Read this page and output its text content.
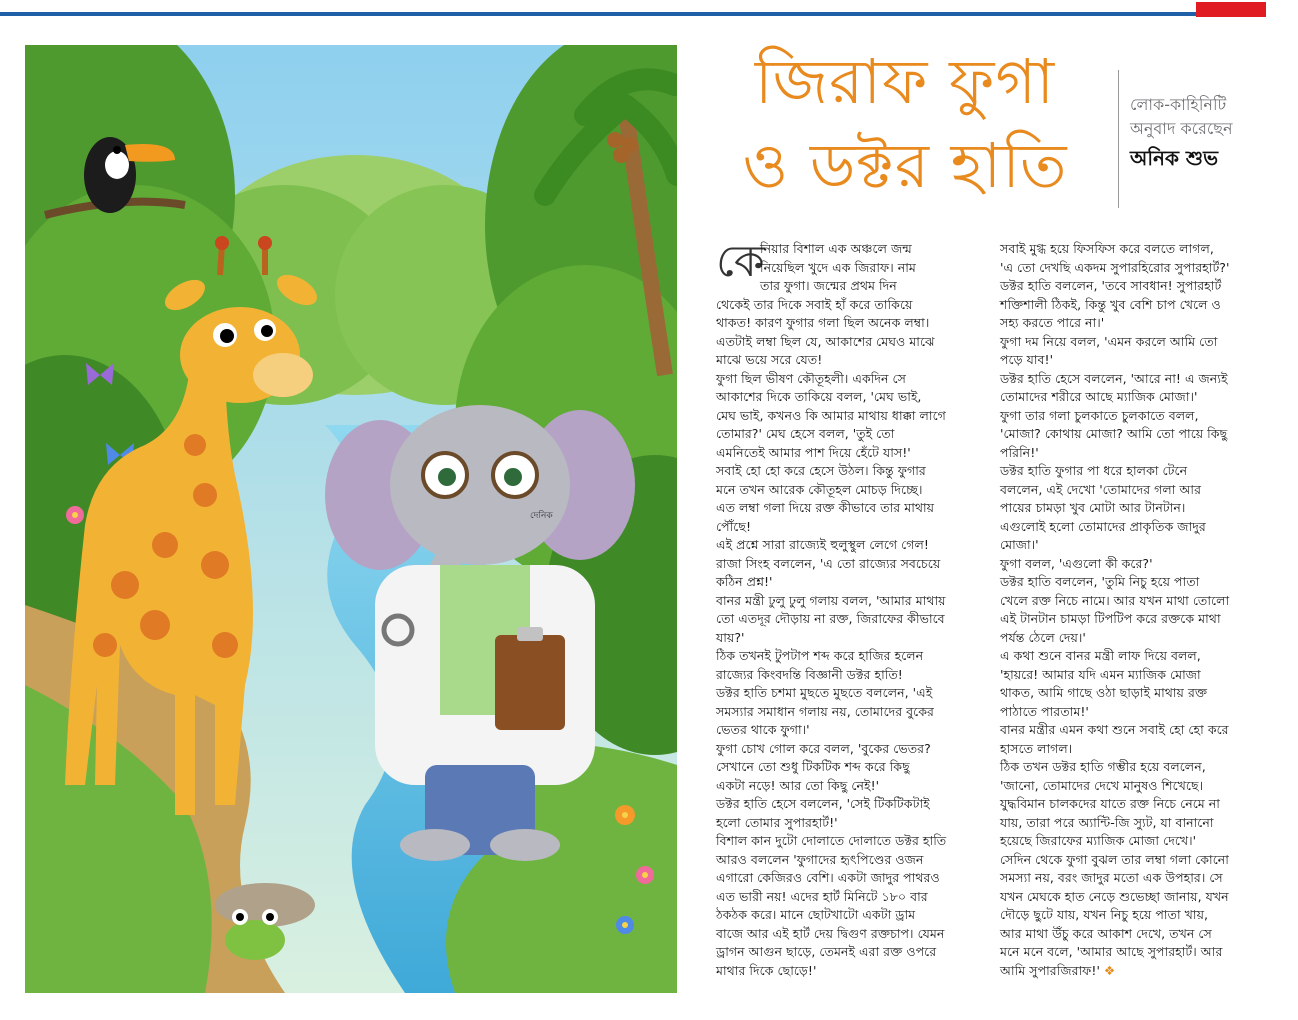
দেনিক
জিরাফ ফুগা
ও ডক্টর হাতি
লোক-কাহিনিটি
অনুবাদ করেছেন
অনিক শুভ
কে

নিয়ার বিশাল এক অঞ্চলে জন্ম

নিয়েছিল খুদে এক জিরাফ। নাম

তার ফুগা। জন্মের প্রথম দিন

থেকেই তার দিকে সবাই হাঁ করে তাকিয়ে

থাকত! কারণ ফুগার গলা ছিল অনেক লম্বা।

এতটাই লম্বা ছিল যে, আকাশের মেঘও মাঝে

মাঝে ভয়ে সরে যেত!

ফুগা ছিল ভীষণ কৌতূহলী। একদিন সে

আকাশের দিকে তাকিয়ে বলল, 'মেঘ ভাই,

মেঘ ভাই, কখনও কি আমার মাথায় ধাক্কা লাগে

তোমার?' মেঘ হেসে বলল, 'তুই তো

এমনিতেই আমার পাশ দিয়ে হেঁটে যাস!'

সবাই হো হো করে হেসে উঠল। কিন্তু ফুগার

মনে তখন আরেক কৌতূহল মোচড় দিচ্ছে।

এত লম্বা গলা দিয়ে রক্ত কীভাবে তার মাথায়

পৌঁছে!

এই প্রশ্নে সারা রাজ্যেই হুলুস্থুল লেগে গেল!

রাজা সিংহ বললেন, 'এ তো রাজ্যের সবচেয়ে

কঠিন প্রশ্ন!'

বানর মন্ত্রী ঢুলু ঢুলু গলায় বলল, 'আমার মাথায়

তো এতদূর দৌড়ায় না রক্ত, জিরাফের কীভাবে

যায়?'

ঠিক তখনই টুপটাপ শব্দ করে হাজির হলেন

রাজ্যের কিংবদন্তি বিজ্ঞানী ডক্টর হাতি!

ডক্টর হাতি চশমা মুছতে মুছতে বললেন, 'এই

সমস্যার সমাধান গলায় নয়, তোমাদের বুকের

ভেতর থাকে ফুগা।'

ফুগা চোখ গোল করে বলল, 'বুকের ভেতর?

সেখানে তো শুধু টিকটিক শব্দ করে কিছু

একটা নড়ে! আর তো কিছু নেই!'

ডক্টর হাতি হেসে বললেন, 'সেই টিকটিকটাই

হলো তোমার সুপারহার্ট!'

বিশাল কান দুটো দোলাতে দোলাতে ডক্টর হাতি

আরও বললেন 'ফুগাদের হৃৎপিণ্ডের ওজন

এগারো কেজিরও বেশি। একটা জাদুর পাথরও

এত ভারী নয়! এদের হার্ট মিনিটে ১৮০ বার

ঠকঠক করে। মানে ছোটখাটো একটা ড্রাম

বাজে আর এই হার্ট দেয় দ্বিগুণ রক্তচাপ। যেমন

ড্রাগন আগুন ছাড়ে, তেমনই এরা রক্ত ওপরে

মাথার দিকে ছোড়ে!'

সবাই মুগ্ধ হয়ে ফিসফিস করে বলতে লাগল,

'এ তো দেখছি একদম সুপারহিরোর সুপারহার্ট?'

ডক্টর হাতি বললেন, 'তবে সাবধান! সুপারহার্ট

শক্তিশালী ঠিকই, কিন্তু খুব বেশি চাপ খেলে ও

সহ্য করতে পারে না।'

ফুগা দম নিয়ে বলল, 'এমন করলে আমি তো

পড়ে যাব!'

ডক্টর হাতি হেসে বললেন, 'আরে না! এ জন্যই

তোমাদের শরীরে আছে ম্যাজিক মোজা।'

ফুগা তার গলা চুলকাতে চুলকাতে বলল,

'মোজা? কোথায় মোজা? আমি তো পায়ে কিছু

পরিনি!'

ডক্টর হাতি ফুগার পা ধরে হালকা টেনে

বললেন, এই দেখো 'তোমাদের গলা আর

পায়ের চামড়া খুব মোটা আর টানটান।

এগুলোই হলো তোমাদের প্রাকৃতিক জাদুর

মোজা।'

ফুগা বলল, 'এগুলো কী করে?'

ডক্টর হাতি বললেন, 'তুমি নিচু হয়ে পাতা

খেলে রক্ত নিচে নামে। আর যখন মাথা তোলো

এই টানটান চামড়া টিপটিপ করে রক্তকে মাথা

পর্যন্ত ঠেলে দেয়।'

এ কথা শুনে বানর মন্ত্রী লাফ দিয়ে বলল,

'হায়রে! আমার যদি এমন ম্যাজিক মোজা

থাকত, আমি গাছে ওঠা ছাড়াই মাথায় রক্ত

পাঠাতে পারতাম!'

বানর মন্ত্রীর এমন কথা শুনে সবাই হো হো করে

হাসতে লাগল।

ঠিক তখন ডক্টর হাতি গম্ভীর হয়ে বললেন,

'জানো, তোমাদের দেখে মানুষও শিখেছে।

যুদ্ধবিমান চালকদের যাতে রক্ত নিচে নেমে না

যায়, তারা পরে অ্যান্টি-জি স্যুট, যা বানানো

হয়েছে জিরাফের ম্যাজিক মোজা দেখে।'

সেদিন থেকে ফুগা বুঝল তার লম্বা গলা কোনো

সমস্যা নয়, বরং জাদুর মতো এক উপহার। সে

যখন মেঘকে হাত নেড়ে শুভেচ্ছা জানায়, যখন

দৌড়ে ছুটে যায়, যখন নিচু হয়ে পাতা খায়,

আর মাথা উঁচু করে আকাশ দেখে, তখন সে

মনে মনে বলে, 'আমার আছে সুপারহার্ট। আর

আমি সুপারজিরাফ!' ❖
